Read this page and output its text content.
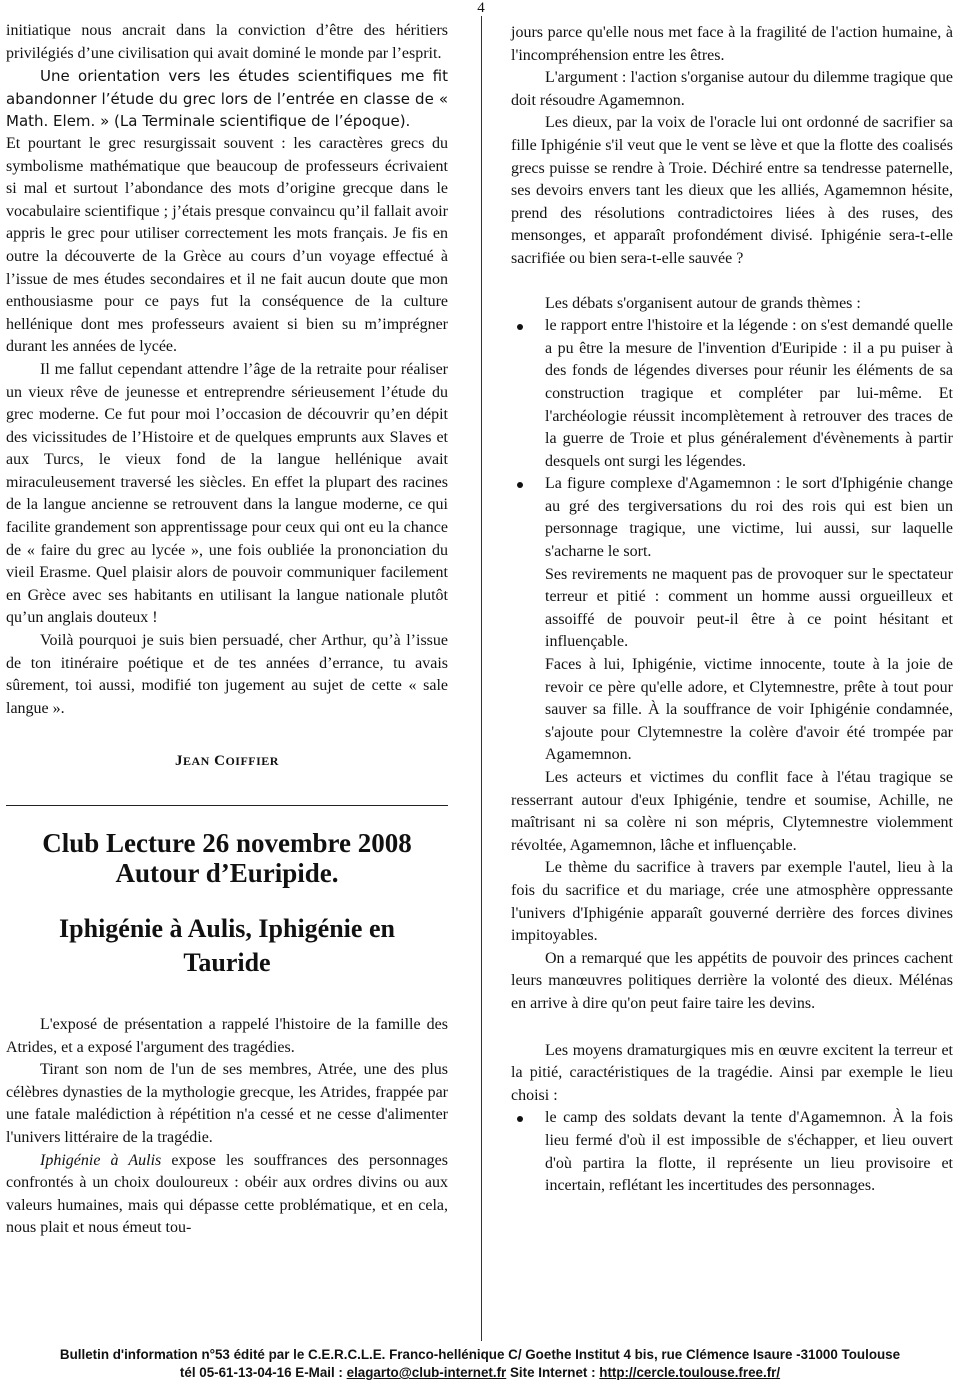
4

initiatique nous ancrait dans la conviction d’être des héritiers privilégiés d’une civilisation qui avait dominé le monde par l’esprit.

Une orientation vers les études scientifiques me fit abandonner l’étude du grec lors de l’entrée en classe de « Math. Elem. » (La Terminale scientifique de l’époque).

Et pourtant le grec resurgissait souvent : les caractères grecs du symbolisme mathématique que beaucoup de professeurs écrivaient si mal et surtout l’abondance des mots d’origine grecque dans le vocabulaire scientifique ; j’étais presque convaincu qu’il fallait avoir appris le grec pour utiliser correctement les mots français. Je fis en outre la découverte de la Grèce au cours d’un voyage effectué à l’issue de mes études secondaires et il ne fait aucun doute que mon enthousiasme pour ce pays fut la conséquence de la culture hellénique dont mes professeurs avaient si bien su m’imprégner durant les années de lycée.

Il me fallut cependant attendre l’âge de la retraite pour réaliser un vieux rêve de jeunesse et entreprendre sérieusement l’étude du grec moderne. Ce fut pour moi l’occasion de découvrir qu’en dépit des vicissitudes de l’Histoire et de quelques emprunts aux Slaves et aux Turcs, le vieux fond de la langue hellénique avait miraculeusement traversé les siècles. En effet la plupart des racines de la langue ancienne se retrouvent dans la langue moderne, ce qui facilite grandement son apprentissage pour ceux qui ont eu la chance de « faire du grec au lycée », une fois oubliée la prononciation du vieil Erasme. Quel plaisir alors de pouvoir communiquer facilement en Grèce avec ses habitants en utilisant la langue nationale plutôt qu’un anglais douteux !

Voilà pourquoi je suis bien persuadé, cher Arthur, qu’à l’issue de ton itinéraire poétique et de tes années d’errance, tu avais sûrement, toi aussi, modifié ton jugement au sujet de cette « sale langue ».

JEAN COIFFIER

Club Lecture 26 novembre 2008
Autour d’Euripide.

Iphigénie à Aulis, Iphigénie en
Tauride

L'exposé de présentation a rappelé l'histoire de la famille des Atrides, et a exposé l'argument des tragédies.

Tirant son nom de l'un de ses membres, Atrée, une des plus célèbres dynasties de la mythologie grecque, les Atrides, frappée par une fatale malédiction à répétition n'a cessé et ne cesse d'alimenter l'univers littéraire de la tragédie.

Iphigénie à Aulis expose les souffrances des personnages confrontés à un choix douloureux : obéir aux ordres divins ou aux valeurs humaines, mais qui dépasse cette problématique, et en cela, nous plait et nous émeut tou-

jours parce qu'elle nous met face à la fragilité de l'action humaine, à l'incompréhension entre les êtres.

L'argument : l'action s'organise autour du dilemme tragique que doit résoudre Agamemnon.

Les dieux, par la voix de l'oracle lui ont ordonné de sacrifier sa fille Iphigénie s'il veut que le vent se lève et que la flotte des coalisés grecs puisse se rendre à Troie. Déchiré entre sa tendresse paternelle, ses devoirs envers tant les dieux que les alliés, Agamemnon hésite, prend des résolutions contradictoires liées à des ruses, des mensonges, et apparaît profondément divisé. Iphigénie sera-t-elle sacrifiée ou bien sera-t-elle sauvée ?

Les débats s'organisent autour de grands thèmes :

le rapport entre l'histoire et la légende : on s'est demandé quelle a pu être la mesure de l'invention d'Euripide : il a pu puiser à des fonds de légendes diverses pour réunir les éléments de sa construction tragique et compléter par lui-même. Et l'archéologie réussit incomplètement à retrouver des traces de la guerre de Troie et plus généralement d'évènements à partir desquels ont surgi les légendes.

La figure complexe d'Agamemnon : le sort d'Iphigénie change au gré des tergiversations du roi des rois qui est bien un personnage tragique, une victime, lui aussi, sur laquelle s'acharne le sort.

Ses revirements ne maquent pas de provoquer sur le spectateur terreur et pitié : comment un homme aussi orgueilleux et assoiffé de pouvoir peut-il être à ce point hésitant et influençable.

Faces à lui, Iphigénie, victime innocente, toute à la joie de revoir ce père qu'elle adore, et Clytemnestre, prête à tout pour sauver sa fille. À la souffrance de voir Iphigénie condamnée, s'ajoute pour Clytemnestre la colère d'avoir été trompée par Agamemnon.

Les acteurs et victimes du conflit face à l'étau tragique se resserrant autour d'eux Iphigénie, tendre et soumise, Achille, ne maîtrisant ni sa colère ni son mépris, Clytemnestre violemment révoltée, Agamemnon, lâche et influençable.

Le thème du sacrifice à travers par exemple l'autel, lieu à la fois du sacrifice et du mariage, crée une atmosphère oppressante l'univers d'Iphigénie apparaît gouverné derrière des forces divines impitoyables.

On a remarqué que les appétits de pouvoir des princes cachent leurs manœuvres politiques derrière la volonté des dieux. Mélénas en arrive à dire qu'on peut faire taire les devins.

Les moyens dramaturgiques mis en œuvre excitent la terreur et la pitié, caractéristiques de la tragédie. Ainsi par exemple le lieu choisi :

le camp des soldats devant la tente d'Agamemnon. À la fois lieu fermé d'où il est impossible de s'échapper, et lieu ouvert d'où partira la flotte, il représente un lieu provisoire et incertain, reflétant les incertitudes des personnages.

Bulletin d'information n°53 édité par le C.E.R.C.L.E. Franco-hellénique C/ Goethe Institut 4 bis, rue Clémence Isaure -31000 Toulouse
tél 05-61-13-04-16 E-Mail : elagarto@club-internet.fr Site Internet : http://cercle.toulouse.free.fr/
